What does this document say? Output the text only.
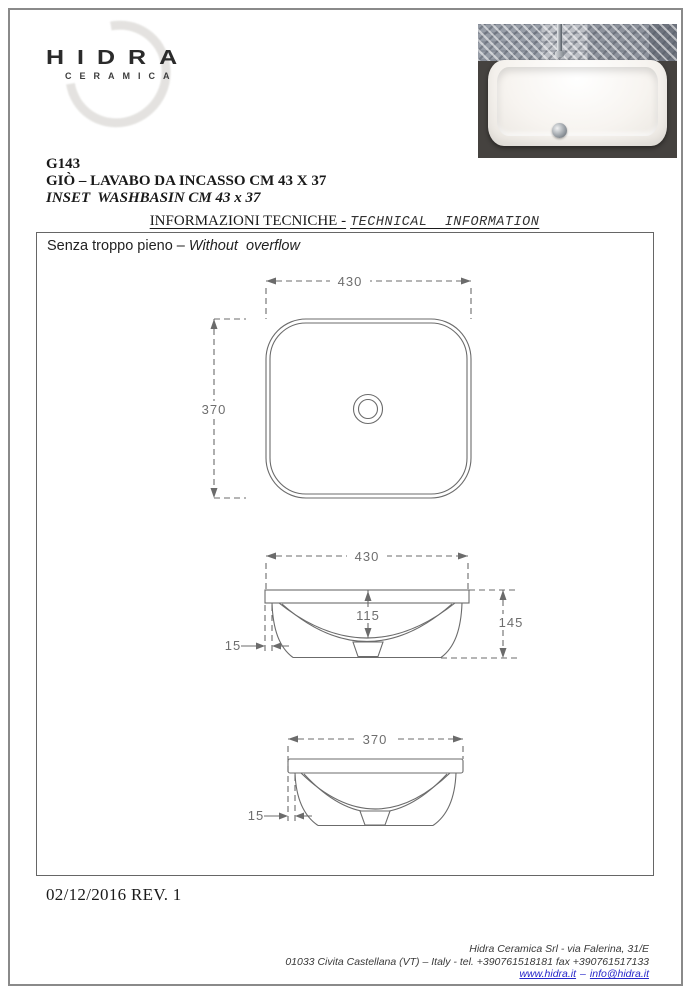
HIDRA
CERAMICA
G143
GIÒ – LAVABO DA INCASSO CM 43 X 37
INSET  WASHBASIN CM 43 x 37
INFORMAZIONI TECNICHE - TECHNICAL  INFORMATION
Senza troppo pieno – Without  overflow
430
370
430
115	145
15
370
15
02/12/2016 REV. 1
Hidra Ceramica Srl - via Falerina, 31/E
01033 Civita Castellana (VT) – Italy - tel. +390761518181 fax +390761517133
www.hidra.it – info@hidra.it
